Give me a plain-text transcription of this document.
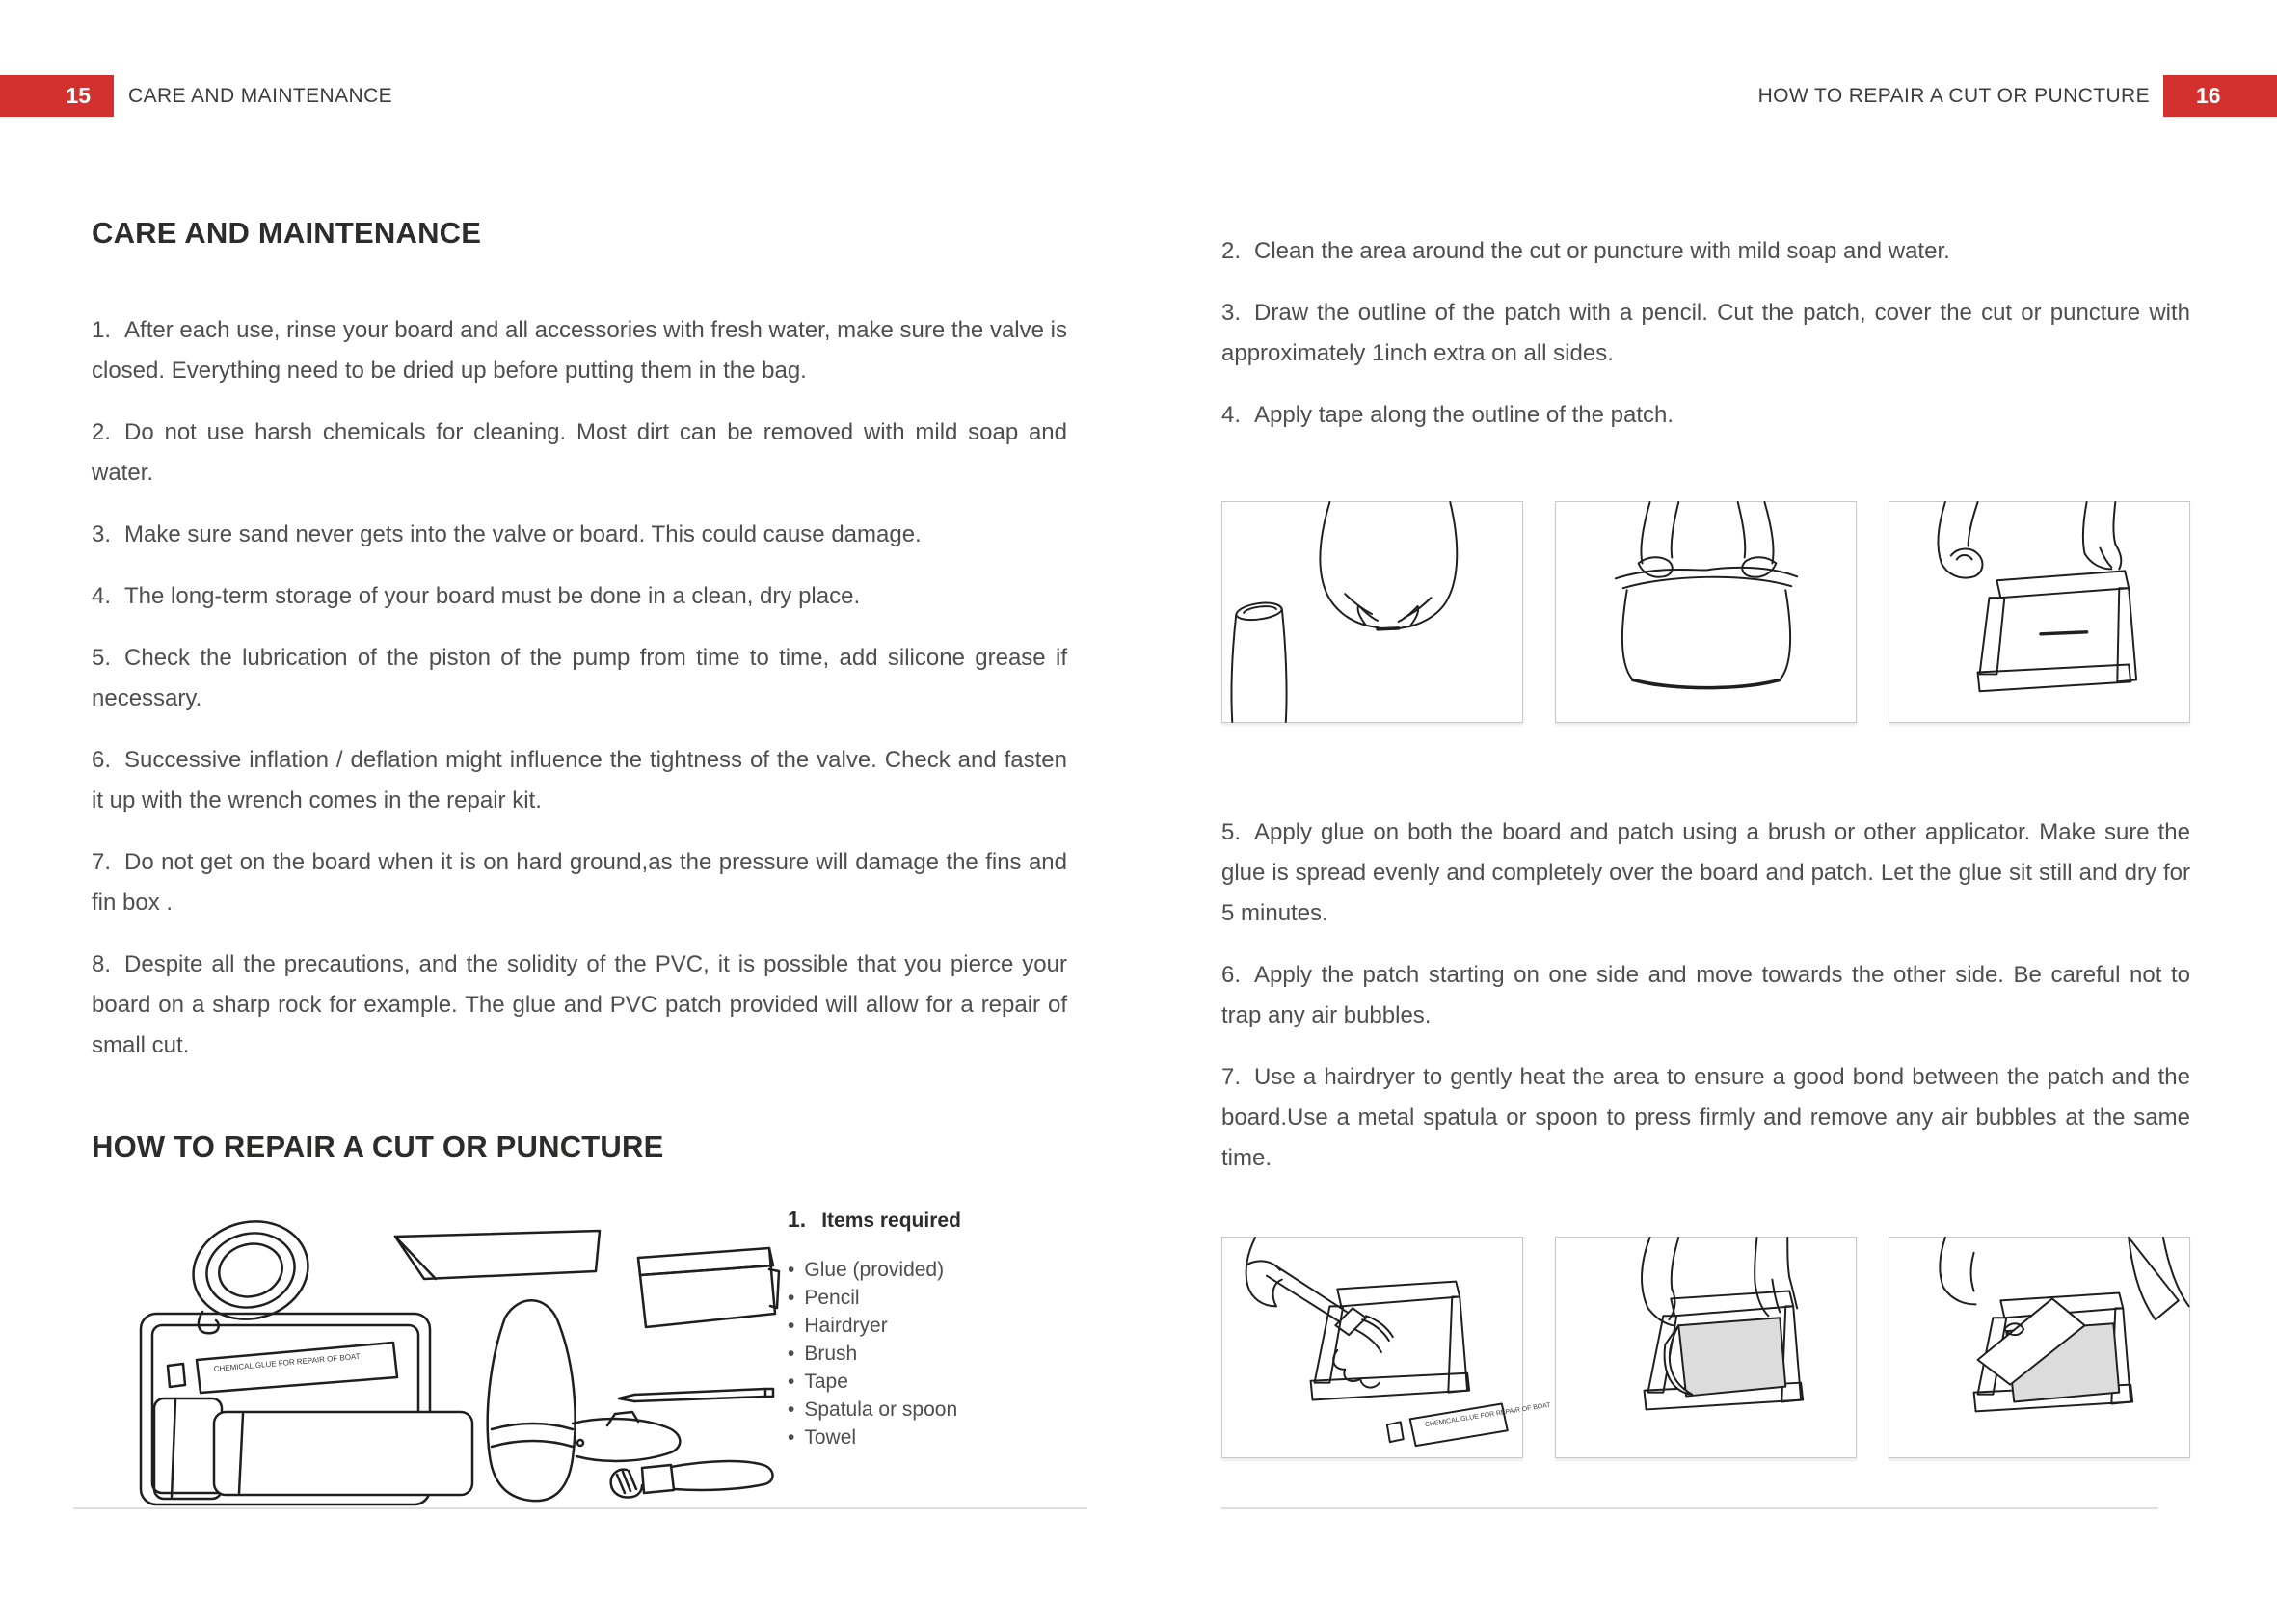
15 CARE AND MAINTENANCE	HOW TO REPAIR A CUT OR PUNCTURE 16
CARE AND MAINTENANCE

1. After each use, rinse your board and all accessories with fresh water, make sure the valve is closed. Everything need to be dried up before putting them in the bag.

2. Do not use harsh chemicals for cleaning. Most dirt can be removed with mild soap and water.

3. Make sure sand never gets into the valve or board. This could cause damage.

4. The long-term storage of your board must be done in a clean, dry place.

5. Check the lubrication of the piston of the pump from time to time, add silicone grease if necessary.

6. Successive inflation / deflation might influence the tightness of the valve. Check and fasten it up with the wrench comes in the repair kit.

7. Do not get on the board when it is on hard ground,as the pressure will damage the fins and fin box .

8. Despite all the precautions, and the solidity of the PVC, it is possible that you pierce your board on a sharp rock for example. The glue and PVC patch provided will allow for a repair of small cut.

HOW TO REPAIR A CUT OR PUNCTURE
CHEMICAL GLUE FOR REPAIR OF BOAT

1. Items required

• Glue (provided)
• Pencil
• Hairdryer
• Brush
• Tape
• Spatula or spoon
• Towel

2. Clean the area around the cut or puncture with mild soap and water.

3. Draw the outline of the patch with a pencil. Cut the patch, cover the cut or puncture with approximately 1inch extra on all sides.

4. Apply tape along the outline of the patch.

5. Apply glue on both the board and patch using a brush or other applicator. Make sure the glue is spread evenly and completely over the board and patch. Let the glue sit still and dry for 5 minutes.

6. Apply the patch starting on one side and move towards the other side. Be careful not to trap any air bubbles.

7. Use a hairdryer to gently heat the area to ensure a good bond between the patch and the board.Use a metal spatula or spoon to press firmly and remove any air bubbles at the same time.

CHEMICAL GLUE FOR REPAIR OF BOAT
